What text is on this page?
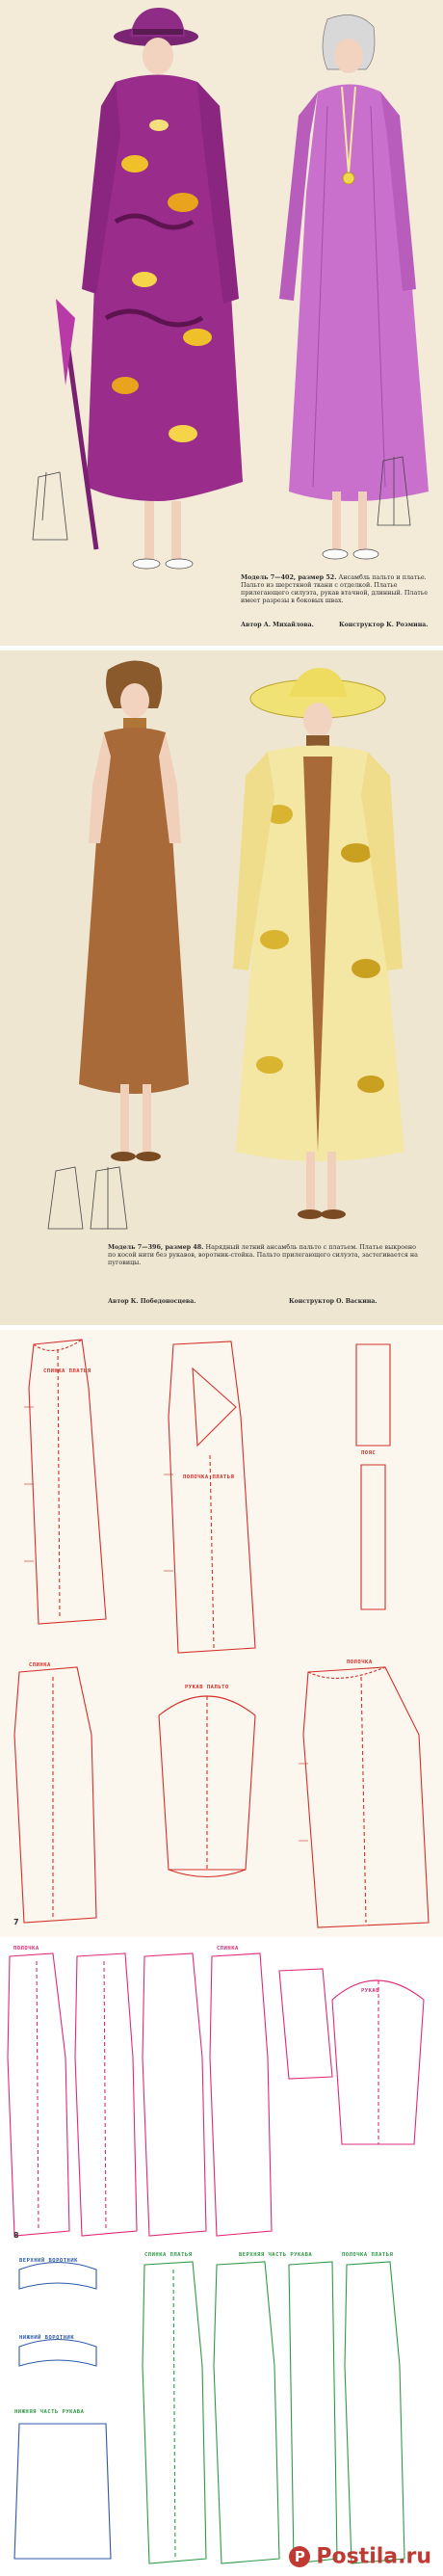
Модель 7—402, размер 52. Ансамбль пальто и платье. Пальто из шерстяной ткани с отделкой. Платье прилегающего силуэта, рукав втачной, длинный. Платье имеет разрезы в боковых швах.
Автор А. Михайлова.	Конструктор К. Розмина.
Модель 7—396, размер 48. Нарядный летний ансамбль пальто с платьем. Платье выкроено по косой нити без рукавов, воротник-стойка. Пальто прилегающего силуэта, застегивается на пуговицы.
Автор К. Победоносцева.	Конструктор О. Васкина.
СПИНКА ПЛАТЬЯ
ПОЛОЧКА ПЛАТЬЯ
СПИНКА
РУКАВ ПАЛЬТО
ПОЛОЧКА
ПОЯС
7
ПОЛОЧКА	СПИНКА
РУКАВ
СПИНКА ПЛАТЬЯ	ПОЛОЧКА ПЛАТЬЯ
НИЖНЯЯ ЧАСТЬ РУКАВА
ВЕРХНЯЯ ЧАСТЬ РУКАВА
ВЕРХНИЙ ВОРОТНИК
НИЖНИЙ ВОРОТНИК
8
P Postila.ru
